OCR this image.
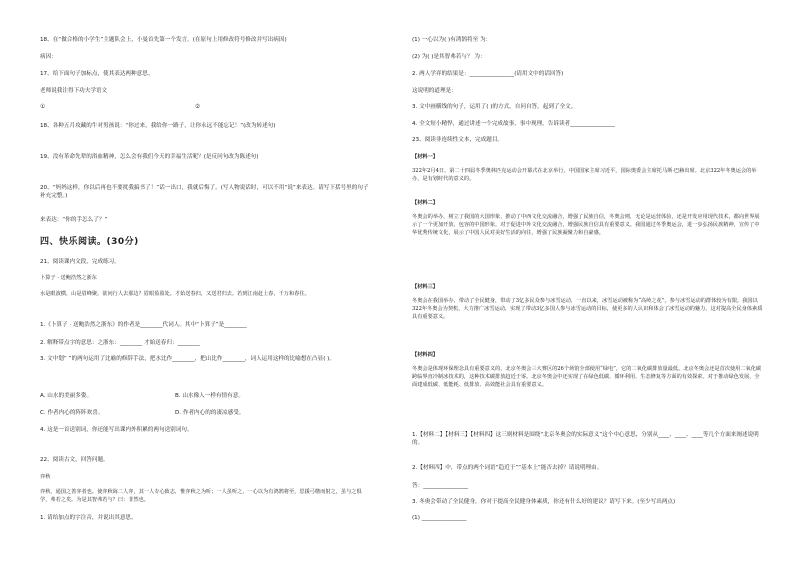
18、在“做合格的小学生”主题队会上，小曼首先第一个发言。(在原句上用修改符号修改并写出病因)
病因：
17、给下面句子加标点，使其表达两种意思。
老师说我注得下功夫学语文
①	②
18、各种五月攻藏的牛对男孩说：“你过来，我给你一路子，让你永远不能忘记！”(改为转述句)
19、没有革命先辈的浴血精神，怎么会有我们今天的幸福生活呢？(是反问句改为陈述句)
20、“妈妈这样，你以后再也不要扰我搞书了！”话一出口，我就后悔了。(写人物说话时，可以不用“说”来表达。请写下括号里的句子补充完整。)
来表达：“你的手怎么了？”
四、快乐阅读。(30分)
21、阅读课内文段，完成练习。
卜算子 · 送鲍浩然之浙东
水是眼波横，山是眉峰聚。欲问行人去那边？眉眼盈盈处。才始送春归，又送君归去。若到江南赶上春，千万和春住。
1.《卜算子 · 送鲍浩然之浙东》的作者是________代词人。其中“卜算子”是________
2. 解释带点字的意思：之浙东：________ 才始送春归：________
3. 文中划“ ”的两句运用了比喻的修辞手法，把水比作________，把山比作________，词人运用这样的比喻想在凸显( )。
A. 山水的美丽多姿。	B. 山水像人一样有情有意。
C. 作者内心的阵阵欢喜。	D. 作者内心的的凄凉感受。
4. 这是一首送别词，你还能写出课内外积累的两句送别词句。
22、阅读古文，回答问题。
弈秋
弈秋，通国之善弈者也。使弈秋诲二人弈，其一人专心致志，惟弈秋之为听；一人虽听之，一心以为有鸿鹄将至，思援弓缴而射之，虽与之俱学，弗若之矣。为是其智弗若与？曰：非然也。
1. 请给加点的字注音，并说出其意思。
(1) 一心以为( )有鸿鹄将至 为：
(2) 为( )是其智弗若与？ 为：
2. 两人学弈的结果是：________________(请用文中的话回答)
这说明的道理是：
3. 文中画横线的句子，运用了( )的方式，自问自答，起到了全文。
4. 全文短小精悍，通过讲述一个完成故事，事中现理，告诉读者________________
23、阅读非连续性文本，完成题目。
【材料一】
322年2月4日，第二十四届冬季奥林匹克运动会开幕式在北京举行，中国国家主席习近平，国际奥委会主席托马斯·巴赫出席。北京322年冬奥运会的举办，是有划时代的意义的。
【材料二】
冬奥会的举办，树立了我国的大国形象，推动了中西文化交流融合，增强了民族自信，冬奥会则，无论是运营体验，还是开发应用现代技术，都向世界展示了一个更加开放、包容的中国形象。对于促进中外文化交流融合，增强民族自信具有重要意义。我国通过冬季奥运会，进一步弘扬民族精神，宣传了中华优秀传统文化，展示了中国人民对美好生活的向往，增强了民族凝聚力和自豪感。
【材料三】
冬奥会在我国举办，带动了全民健身，带动了3亿多民众参与冰雪运动，一直以来，冰雪运动被称为“高岭之花”，参与冰雪运动的群体较为有限。我国以322年冬奥会为契机，大力推广冰雪运动，实现了带动3亿多国人参与冰雪运动的目标，使更多的人认识和体会了冰雪运动的魅力，这对提高全民身体素质具有重要意义。
【材料四】
冬奥会是体现环保理念具有重要意义的，北京冬奥会三大赛区的26个场馆全部使用“绿电”，它的二氧化碳排放量最低。北京冬奥会还是首次使用二氧化碳跨临界直冷制冰技术的，这种技术碳排放趋近于零。北京冬奥会中还实现了在绿色低碳、循环利用、生态修复等方面的有效探索。对于推动绿色发展，全面建成低碳、低能耗、低排放、高效能社会具有重要意义。
1.【材料二】【材料三】【材料四】这三则材料是围绕“北京冬奥会的实际意义”这个中心意思，分别从____、____、____等几个方面来阐述说明的。
2.【材料四】中，带点的两个词语“趋近于”“基本上”能否去掉？请说明理由。
答：________________
3. 冬奥会带动了全民健身，你对于提高全民健身体素质，你还有什么好的建议？请写下来。(至少写出两点)
(1) ________________
